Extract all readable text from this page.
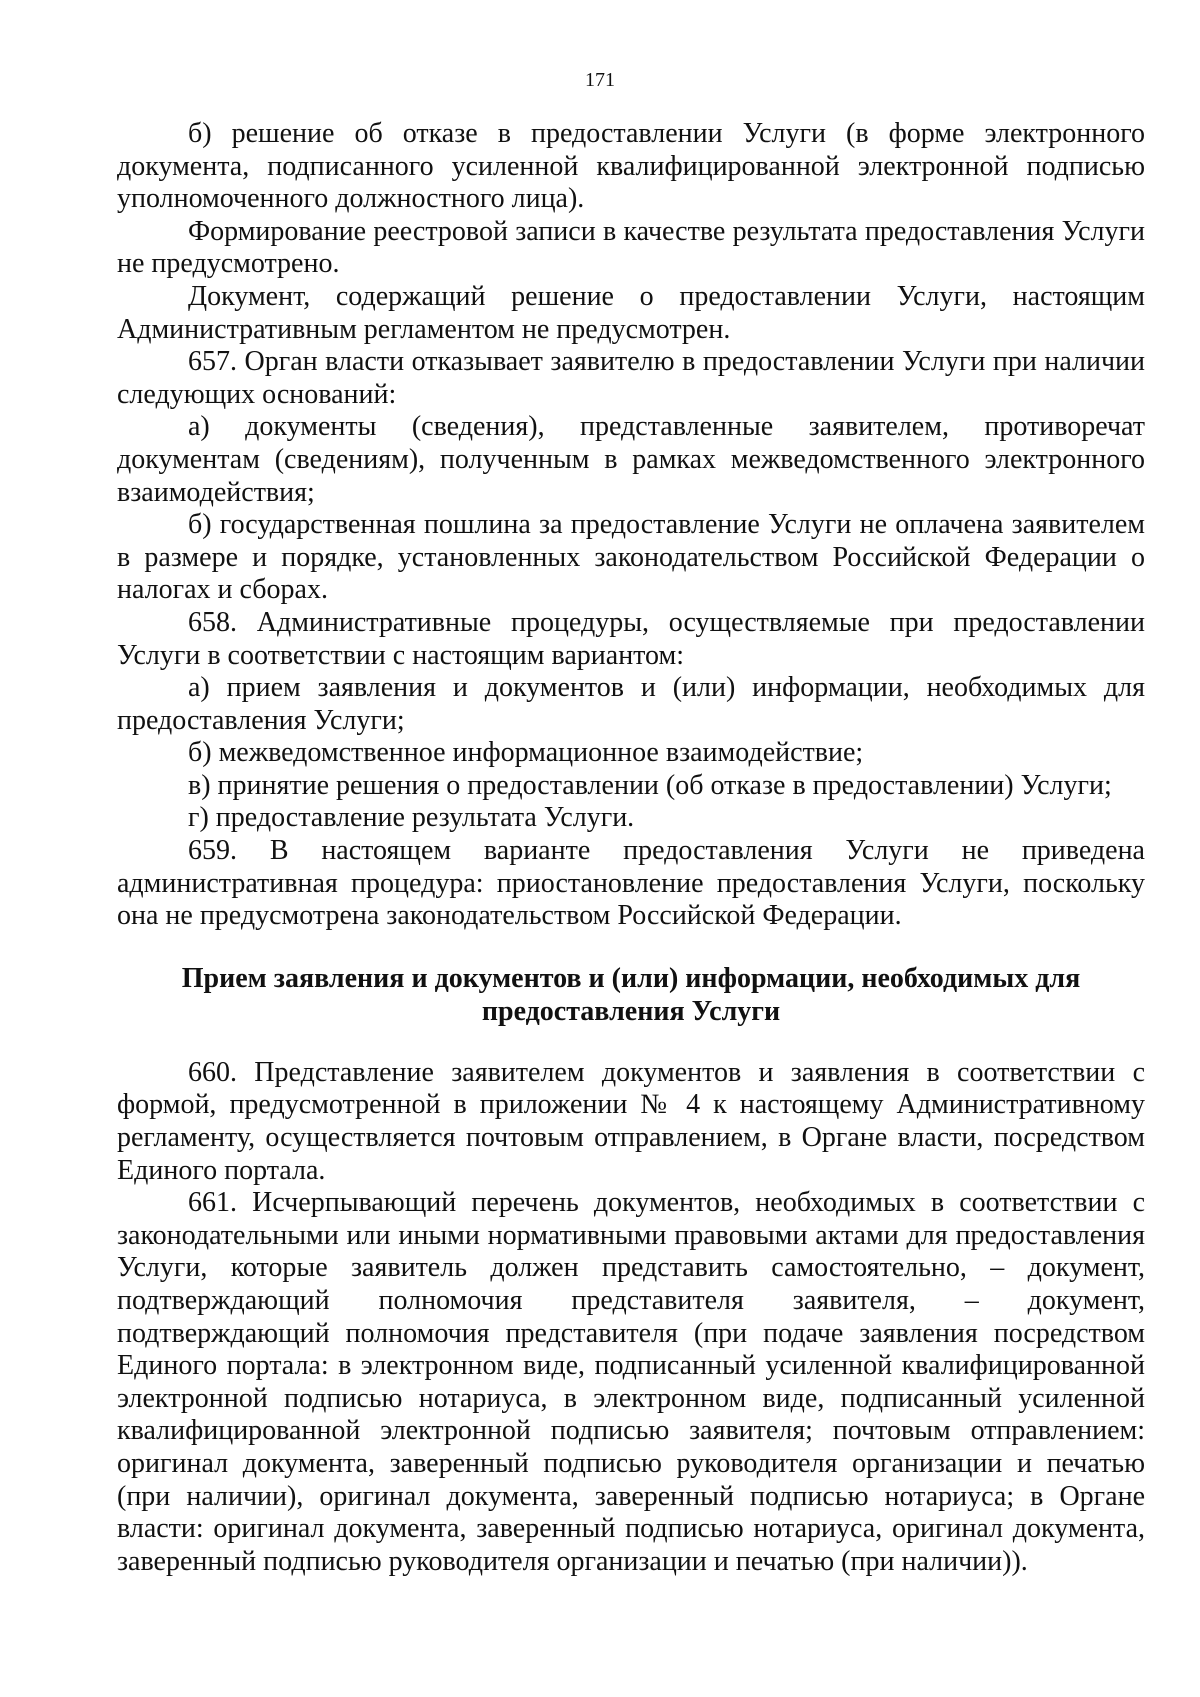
171

б) решение об отказе в предоставлении Услуги (в форме электронного документа, подписанного усиленной квалифицированной электронной подписью уполномоченного должностного лица).

Формирование реестровой записи в качестве результата предоставления Услуги не предусмотрено.

Документ, содержащий решение о предоставлении Услуги, настоящим Административным регламентом не предусмотрен.

657. Орган власти отказывает заявителю в предоставлении Услуги при наличии следующих оснований:

а) документы (сведения), представленные заявителем, противоречат документам (сведениям), полученным в рамках межведомственного электронного взаимодействия;

б) государственная пошлина за предоставление Услуги не оплачена заявителем в размере и порядке, установленных законодательством Российской Федерации о налогах и сборах.

658. Административные процедуры, осуществляемые при предоставлении Услуги в соответствии с настоящим вариантом:

а) прием заявления и документов и (или) информации, необходимых для предоставления Услуги;

б) межведомственное информационное взаимодействие;

в) принятие решения о предоставлении (об отказе в предоставлении) Услуги;

г) предоставление результата Услуги.

659. В настоящем варианте предоставления Услуги не приведена административная процедура: приостановление предоставления Услуги, поскольку она не предусмотрена законодательством Российской Федерации.

Прием заявления и документов и (или) информации, необходимых для предоставления Услуги

660. Представление заявителем документов и заявления в соответствии с формой, предусмотренной в приложении № 4 к настоящему Административному регламенту, осуществляется почтовым отправлением, в Органе власти, посредством Единого портала.

661. Исчерпывающий перечень документов, необходимых в соответствии с законодательными или иными нормативными правовыми актами для предоставления Услуги, которые заявитель должен представить самостоятельно, – документ, подтверждающий полномочия представителя заявителя, – документ, подтверждающий полномочия представителя (при подаче заявления посредством Единого портала: в электронном виде, подписанный усиленной квалифицированной электронной подписью нотариуса, в электронном виде, подписанный усиленной квалифицированной электронной подписью заявителя; почтовым отправлением: оригинал документа, заверенный подписью руководителя организации и печатью (при наличии), оригинал документа, заверенный подписью нотариуса; в Органе власти: оригинал документа, заверенный подписью нотариуса, оригинал документа, заверенный подписью руководителя организации и печатью (при наличии)).
